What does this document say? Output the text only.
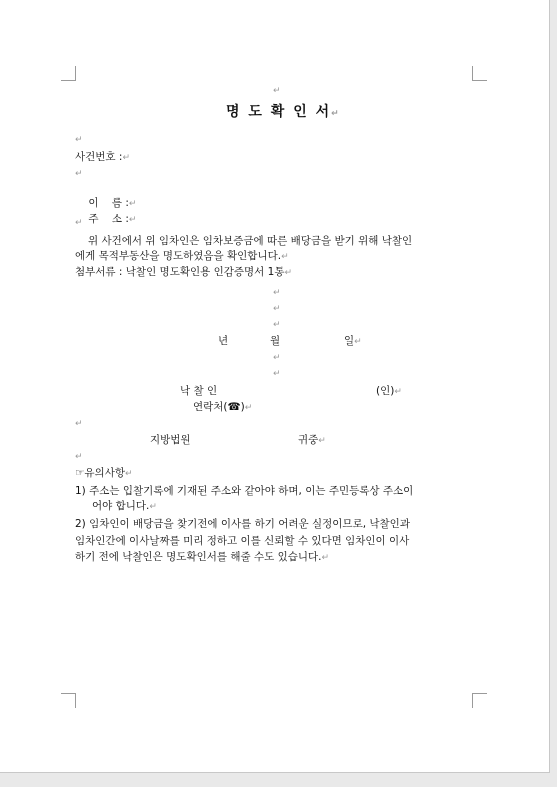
↵
명 도 확 인 서↵
↵
사건번호 :↵
↵

이    름 :↵

주    소 :↵

↵
위 사건에서 위 임차인은 임차보증금에 따른 배당금을 받기 위해 낙찰인
에게 목적부동산을 명도하였음을 확인합니다.↵
첨부서류 : 낙찰인 명도확인용 인감증명서 1통↵
↵
↵
↵
년	월	일↵
↵
↵
낙 찰 인	(인)↵
연락처(☎)↵
↵
지방법원	귀중↵
↵
☞유의사항↵
1) 주소는 입찰기록에 기재된 주소와 같아야 하며, 이는 주민등록상 주소이
어야 합니다.↵
2) 임차인이 배당금을 찾기전에 이사를 하기 어려운 실정이므로, 낙찰인과
임차인간에 이사날짜를 미리 정하고 이를 신뢰할 수 있다면 임차인이 이사
하기 전에 낙찰인은 명도확인서를 해줄 수도 있습니다.↵
